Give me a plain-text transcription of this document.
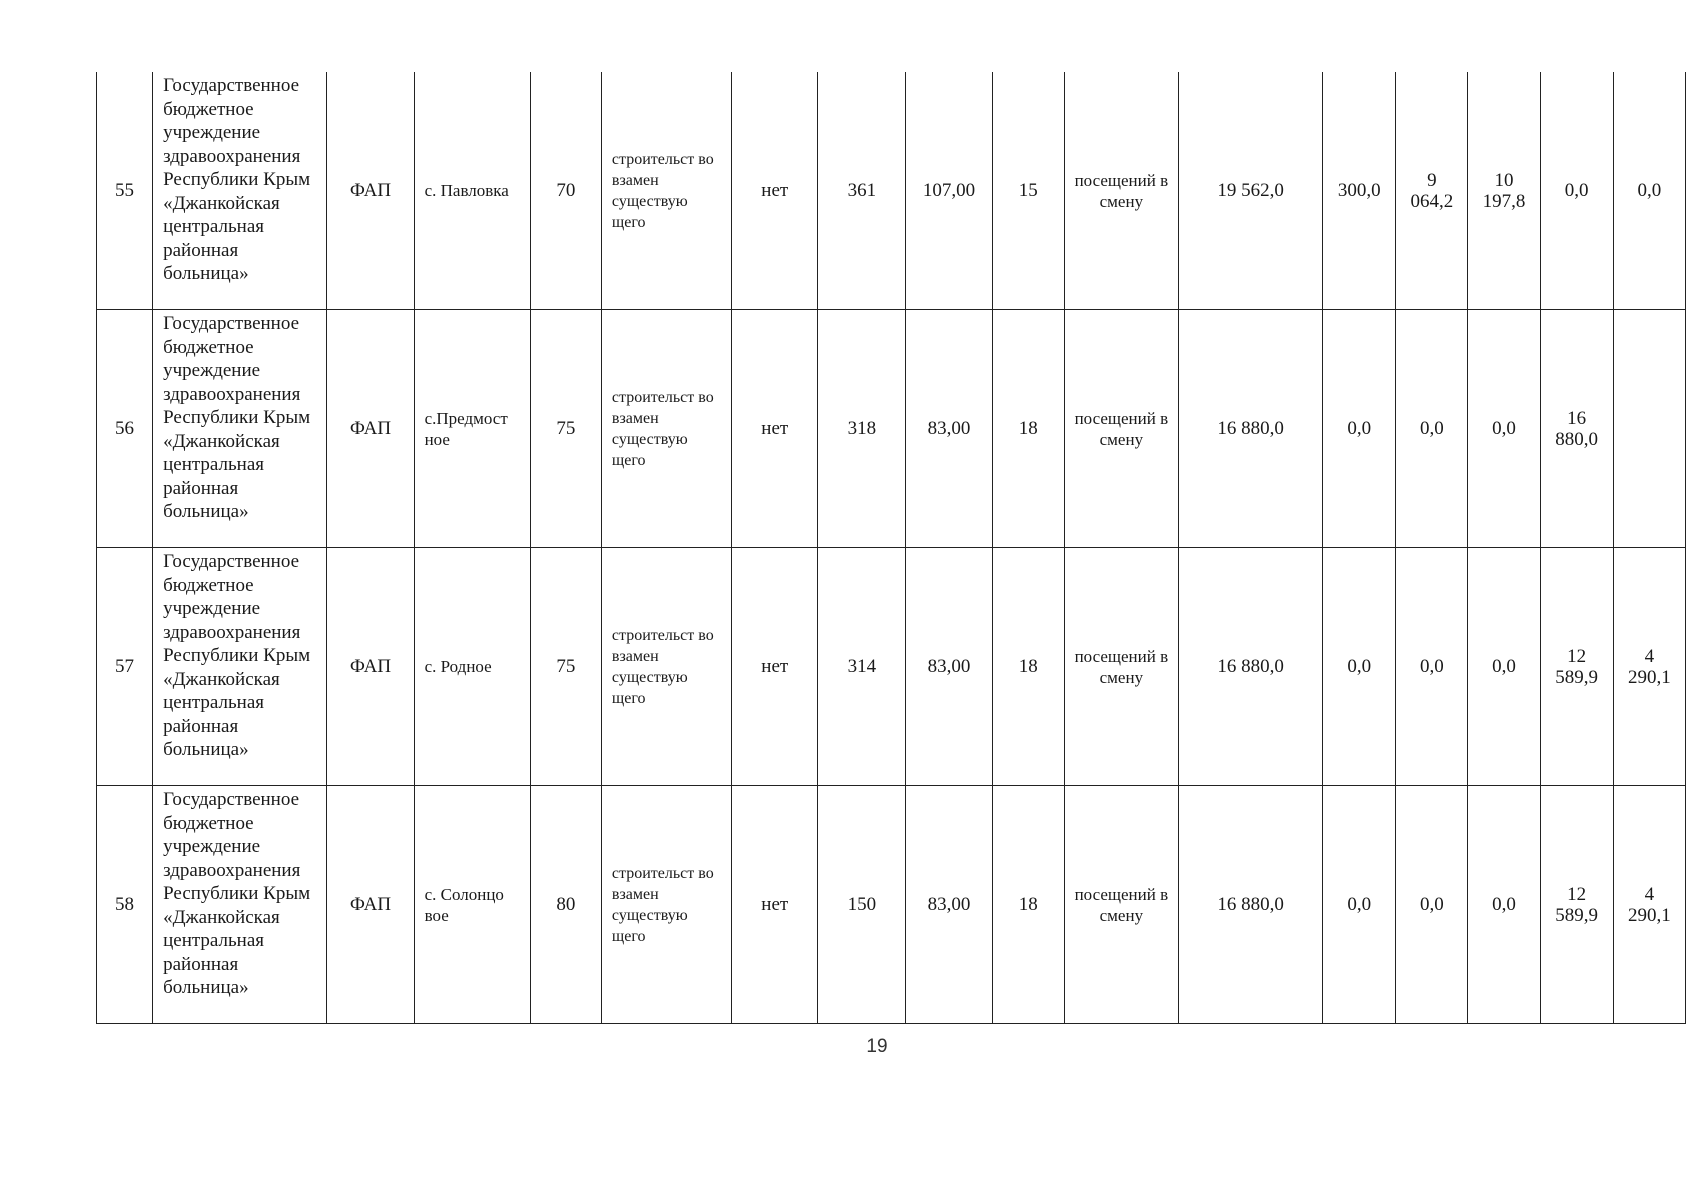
55	Государственное бюджетное учреждение здравоохранения Республики Крым «Джанкойская центральная районная больница»	ФАП	с. Павловка	70	строительст во взамен существую щего	нет	361	107,00	15	посещений в смену	19 562,0	300,0	9
064,2	10
197,8	0,0	0,0

56	Государственное бюджетное учреждение здравоохранения Республики Крым «Джанкойская центральная районная больница»	ФАП	с.Предмост ное	75	строительст во взамен существую щего	нет	318	83,00	18	посещений в смену	16 880,0	0,0	0,0	0,0	16
880,0	

57	Государственное бюджетное учреждение здравоохранения Республики Крым «Джанкойская центральная районная больница»	ФАП	с. Родное	75	строительст во взамен существую щего	нет	314	83,00	18	посещений в смену	16 880,0	0,0	0,0	0,0	12
589,9	4
290,1

58	Государственное бюджетное учреждение здравоохранения Республики Крым «Джанкойская центральная районная больница»	ФАП	с. Солонцо вое	80	строительст во взамен существую щего	нет	150	83,00	18	посещений в смену	16 880,0	0,0	0,0	0,0	12
589,9	4
290,1
19
